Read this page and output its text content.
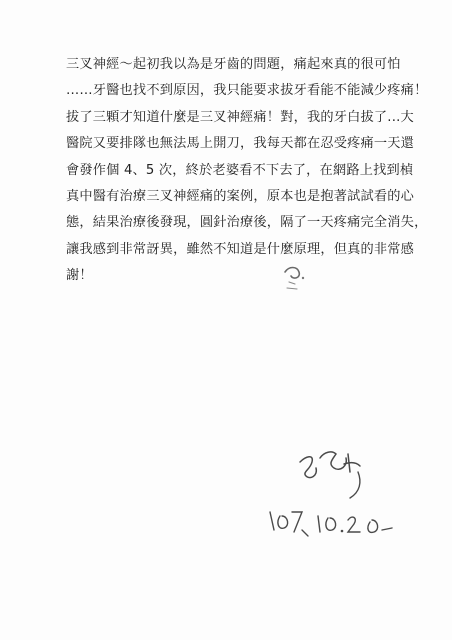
三叉神經～起初我以為是牙齒的問題，痛起來真的很可怕
……牙醫也找不到原因，我只能要求拔牙看能不能減少疼痛！
拔了三顆才知道什麼是三叉神經痛！對，我的牙白拔了...大
醫院又要排隊也無法馬上開刀，我每天都在忍受疼痛一天還
會發作個 4、5 次，終於老婆看不下去了，在網路上找到楨
真中醫有治療三叉神經痛的案例，原本也是抱著試試看的心
態，結果治療後發現，圓針治療後，隔了一天疼痛完全消失，
讓我感到非常訝異，雖然不知道是什麼原理，但真的非常感
謝！
